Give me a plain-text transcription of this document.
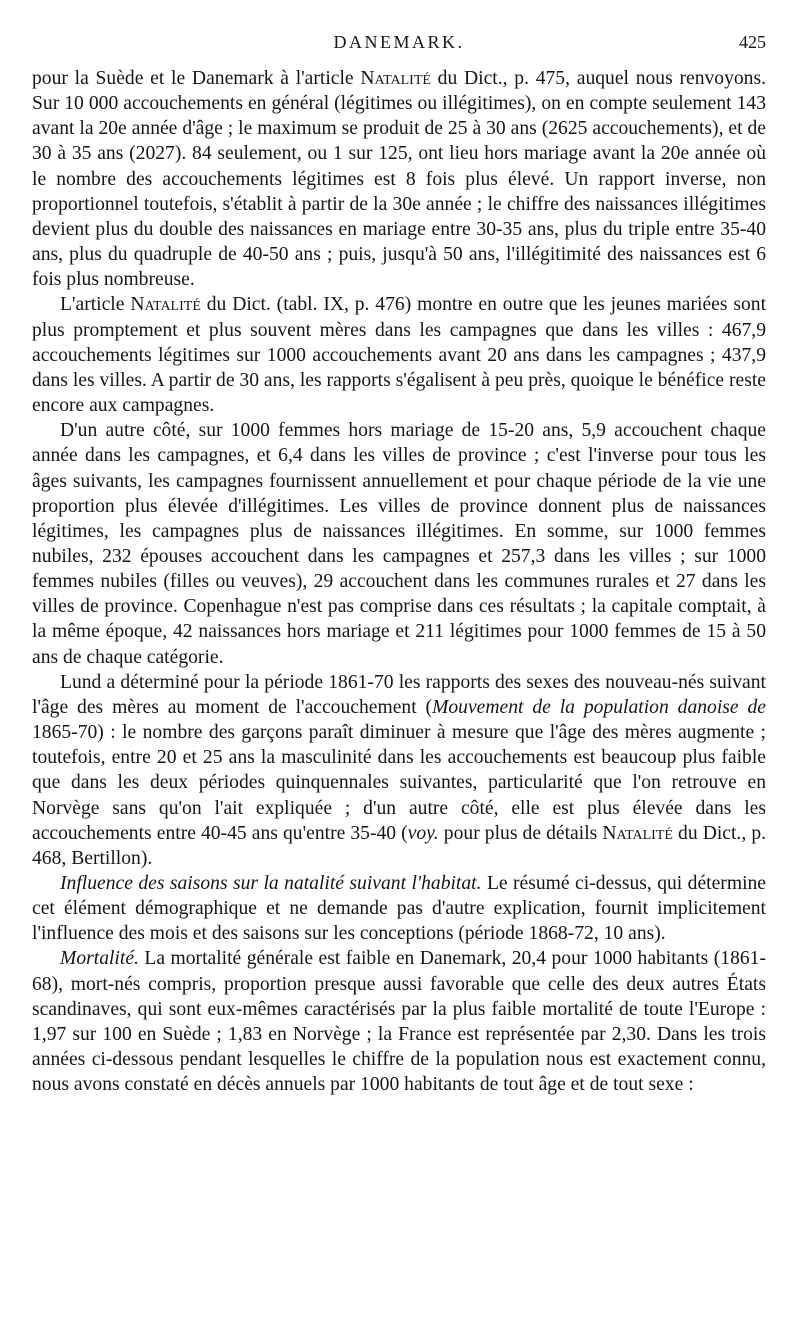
DANEMARK.	425

pour la Suède et le Danemark à l'article Natalité du Dict., p. 475, auquel nous renvoyons. Sur 10 000 accouchements en général (légitimes ou illégitimes), on en compte seulement 143 avant la 20e année d'âge ; le maximum se produit de 25 à 30 ans (2625 accouchements), et de 30 à 35 ans (2027). 84 seulement, ou 1 sur 125, ont lieu hors mariage avant la 20e année où le nombre des accouchements légitimes est 8 fois plus élevé. Un rapport inverse, non proportionnel toutefois, s'établit à partir de la 30e année ; le chiffre des naissances illégitimes devient plus du double des naissances en mariage entre 30-35 ans, plus du triple entre 35-40 ans, plus du quadruple de 40-50 ans ; puis, jusqu'à 50 ans, l'illégitimité des naissances est 6 fois plus nombreuse.

L'article Natalité du Dict. (tabl. IX, p. 476) montre en outre que les jeunes mariées sont plus promptement et plus souvent mères dans les campagnes que dans les villes : 467,9 accouchements légitimes sur 1000 accouchements avant 20 ans dans les campagnes ; 437,9 dans les villes. A partir de 30 ans, les rapports s'égalisent à peu près, quoique le bénéfice reste encore aux campagnes.

D'un autre côté, sur 1000 femmes hors mariage de 15-20 ans, 5,9 accouchent chaque année dans les campagnes, et 6,4 dans les villes de province ; c'est l'inverse pour tous les âges suivants, les campagnes fournissent annuellement et pour chaque période de la vie une proportion plus élevée d'illégitimes. Les villes de province donnent plus de naissances légitimes, les campagnes plus de naissances illégitimes. En somme, sur 1000 femmes nubiles, 232 épouses accouchent dans les campagnes et 257,3 dans les villes ; sur 1000 femmes nubiles (filles ou veuves), 29 accouchent dans les communes rurales et 27 dans les villes de province. Copenhague n'est pas comprise dans ces résultats ; la capitale comptait, à la même époque, 42 naissances hors mariage et 211 légitimes pour 1000 femmes de 15 à 50 ans de chaque catégorie.

Lund a déterminé pour la période 1861-70 les rapports des sexes des nouveau-nés suivant l'âge des mères au moment de l'accouchement (Mouvement de la population danoise de 1865-70) : le nombre des garçons paraît diminuer à mesure que l'âge des mères augmente ; toutefois, entre 20 et 25 ans la masculinité dans les accouchements est beaucoup plus faible que dans les deux périodes quinquennales suivantes, particularité que l'on retrouve en Norvège sans qu'on l'ait expliquée ; d'un autre côté, elle est plus élevée dans les accouchements entre 40-45 ans qu'entre 35-40 (voy. pour plus de détails Natalité du Dict., p. 468, Bertillon).

Influence des saisons sur la natalité suivant l'habitat. Le résumé ci-dessus, qui détermine cet élément démographique et ne demande pas d'autre explication, fournit implicitement l'influence des mois et des saisons sur les conceptions (période 1868-72, 10 ans).

Mortalité. La mortalité générale est faible en Danemark, 20,4 pour 1000 habitants (1861-68), mort-nés compris, proportion presque aussi favorable que celle des deux autres États scandinaves, qui sont eux-mêmes caractérisés par la plus faible mortalité de toute l'Europe : 1,97 sur 100 en Suède ; 1,83 en Norvège ; la France est représentée par 2,30. Dans les trois années ci-dessous pendant lesquelles le chiffre de la population nous est exactement connu, nous avons constaté en décès annuels par 1000 habitants de tout âge et de tout sexe :
